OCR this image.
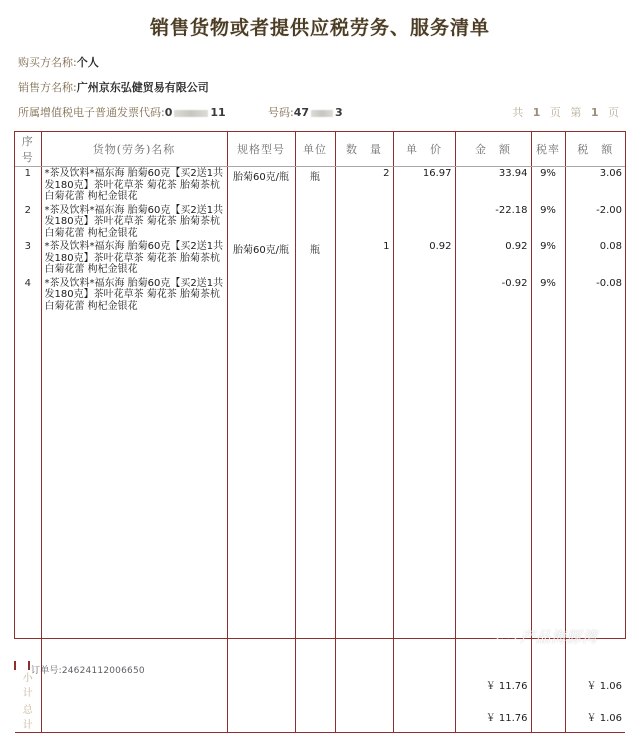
销售货物或者提供应税劳务、服务清单
购买方名称:个人
销售方名称:广州京东弘健贸易有限公司
所属增值税电子普通发票代码:0	11	号码:47 3	共 1 页 第 1 页
序号	货物(劳务)名称	规格型号	单位	数　量	单　价	金　额	税率	税　额
1	*茶及饮料*福东海 胎菊60克【买2送1共发180克】茶叶花草茶 菊花茶 胎菊茶杭白菊花蕾 枸杞金银花	胎菊60克/瓶	瓶	2	16.97	33.94	9%	3.06
2	*茶及饮料*福东海 胎菊60克【买2送1共发180克】茶叶花草茶 菊花茶 胎菊茶杭白菊花蕾 枸杞金银花					-22.18	9%	-2.00
3	*茶及饮料*福东海 胎菊60克【买2送1共发180克】茶叶花草茶 菊花茶 胎菊茶杭白菊花蕾 枸杞金银花	胎菊60克/瓶	瓶	1	0.92	0.92	9%	0.08
4	*茶及饮料*福东海 胎菊60克【买2送1共发180克】茶叶花草茶 菊花茶 胎菊茶杭白菊花蕾 枸杞金银花					-0.92	9%	-0.08

小计						￥ 11.76		￥ 1.06
总计						￥ 11.76		￥ 1.06
产品海豚湾
订单号:24624112006650
